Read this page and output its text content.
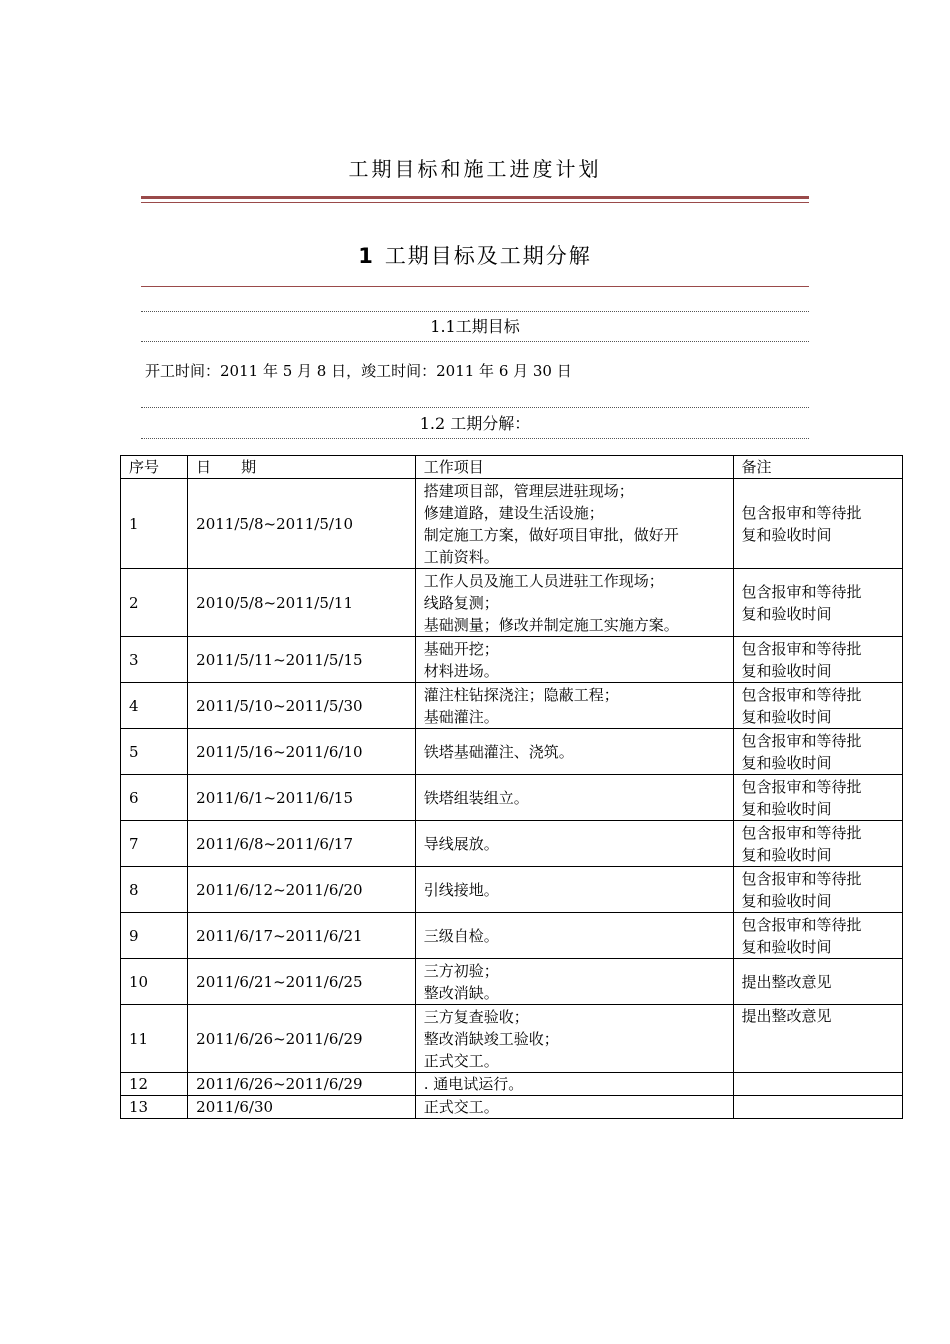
工期目标和施工进度计划
1 工期目标及工期分解
1.1工期目标
开工时间：2011 年 5 月 8 日，竣工时间：2011 年 6 月 30 日
1.2 工期分解：
序号	日　　期	工作项目	备注
1	2011/5/8~2011/5/10	搭建项目部，管理层进驻现场；
修建道路，建设生活设施；
制定施工方案，做好项目审批，做好开
工前资料。	包含报审和等待批
复和验收时间

2	2010/5/8~2011/5/11	工作人员及施工人员进驻工作现场；
线路复测；
基础测量；修改并制定施工实施方案。	包含报审和等待批
复和验收时间

3	2011/5/11~2011/5/15	基础开挖；
材料进场。	包含报审和等待批
复和验收时间

4	2011/5/10~2011/5/30	灌注柱钻探浇注；隐蔽工程；
基础灌注。	包含报审和等待批
复和验收时间

5	2011/5/16~2011/6/10	铁塔基础灌注、浇筑。	包含报审和等待批
复和验收时间

6	2011/6/1~2011/6/15	铁塔组装组立。	包含报审和等待批
复和验收时间

7	2011/6/8~2011/6/17	导线展放。	包含报审和等待批
复和验收时间

8	2011/6/12~2011/6/20	引线接地。	包含报审和等待批
复和验收时间

9	2011/6/17~2011/6/21	三级自检。	包含报审和等待批
复和验收时间

10	2011/6/21~2011/6/25	三方初验；
整改消缺。	提出整改意见

11	2011/6/26~2011/6/29	三方复查验收；
整改消缺竣工验收；
正式交工。	提出整改意见

12	2011/6/26~2011/6/29	. 通电试运行。	

13	2011/6/30	正式交工。	
